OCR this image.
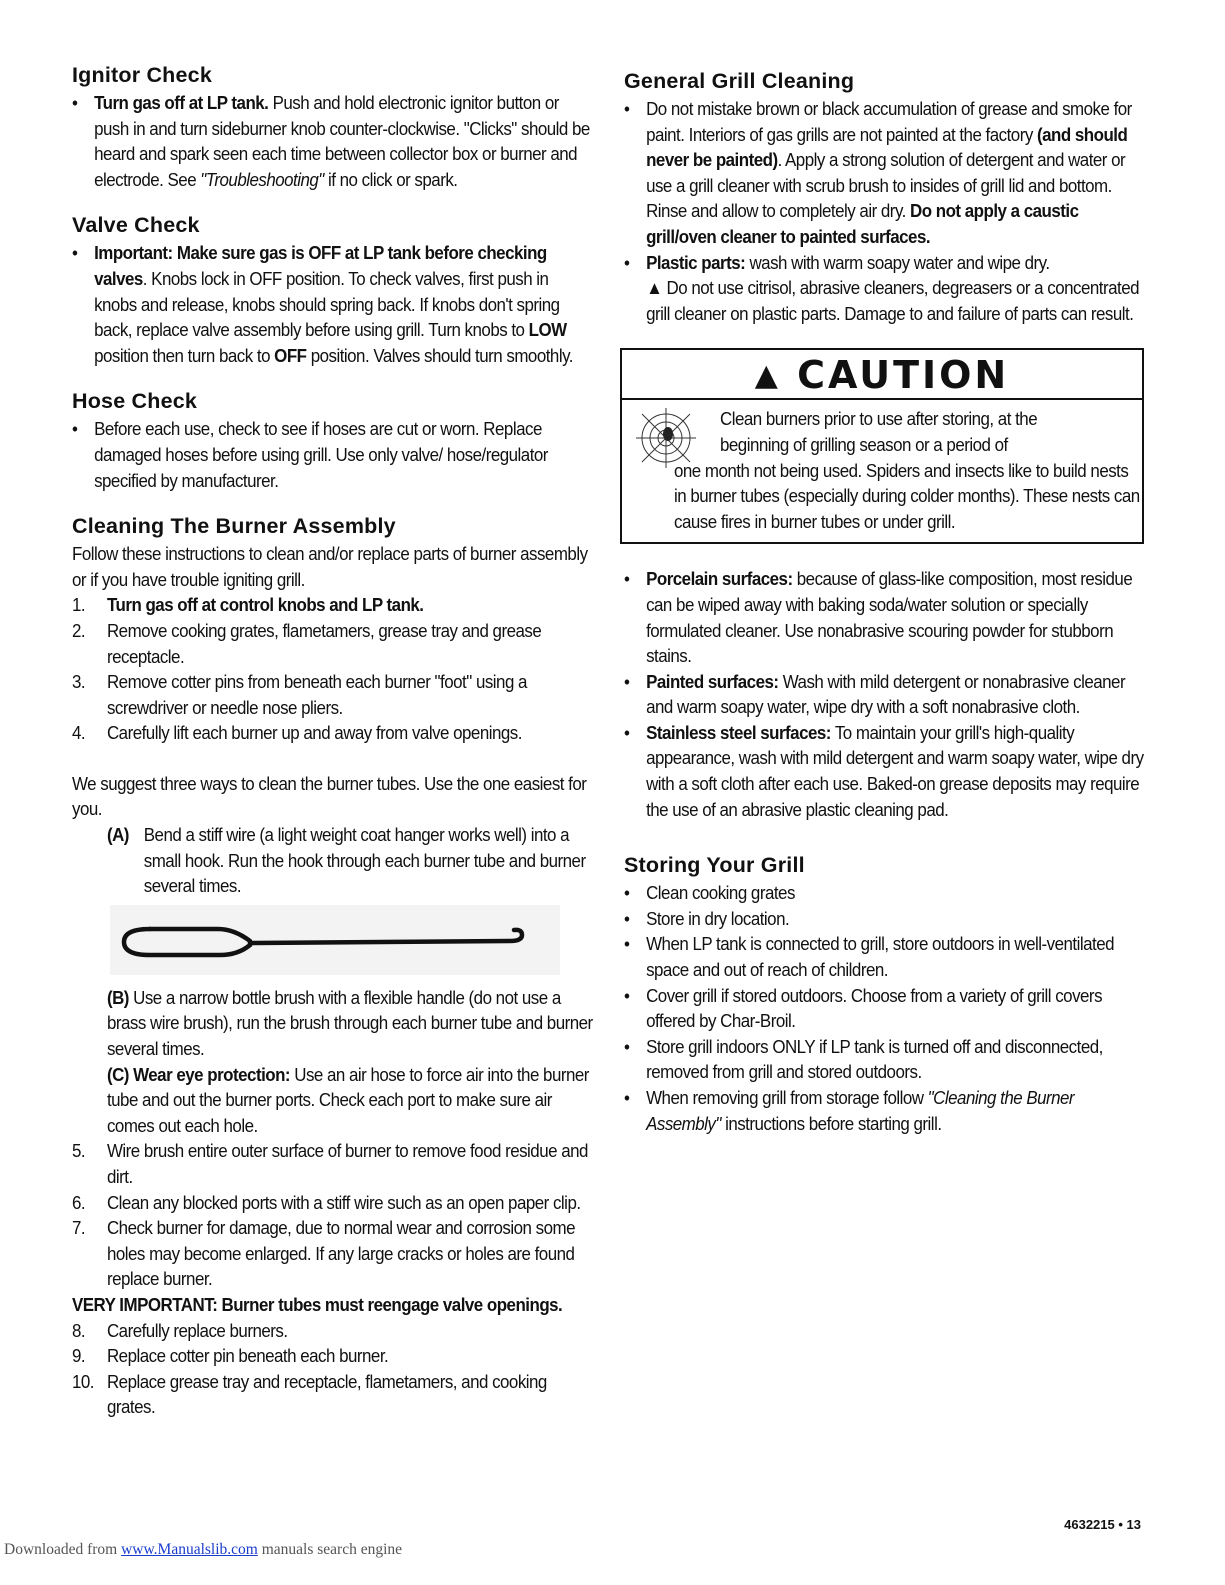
Ignitor Check
• Turn gas off at LP tank. Push and hold electronic ignitor button or push in and turn sideburner knob counter-clockwise. "Clicks" should be heard and spark seen each time between collector box or burner and electrode. See "Troubleshooting" if no click or spark.
Valve Check
• Important: Make sure gas is OFF at LP tank before checking valves. Knobs lock in OFF position. To check valves, first push in knobs and release, knobs should spring back. If knobs don't spring back, replace valve assembly before using grill. Turn knobs to LOW position then turn back to OFF position. Valves should turn smoothly.
Hose Check
• Before each use, check to see if hoses are cut or worn. Replace damaged hoses before using grill. Use only valve/ hose/regulator specified by manufacturer.
Cleaning The Burner Assembly
Follow these instructions to clean and/or replace parts of burner assembly or if you have trouble igniting grill.
1. Turn gas off at control knobs and LP tank.
2. Remove cooking grates, flametamers, grease tray and grease receptacle.
3. Remove cotter pins from beneath each burner "foot" using a screwdriver or needle nose pliers.
4. Carefully lift each burner up and away from valve openings.
We suggest three ways to clean the burner tubes. Use the one easiest for you.
(A) Bend a stiff wire (a light weight coat hanger works well) into a small hook. Run the hook through each burner tube and burner several times.
(B) Use a narrow bottle brush with a flexible handle (do not use a brass wire brush), run the brush through each burner tube and burner several times.
(C) Wear eye protection: Use an air hose to force air into the burner tube and out the burner ports. Check each port to make sure air comes out each hole.
5. Wire brush entire outer surface of burner to remove food residue and dirt.
6. Clean any blocked ports with a stiff wire such as an open paper clip.
7. Check burner for damage, due to normal wear and corrosion some holes may become enlarged. If any large cracks or holes are found replace burner.
VERY IMPORTANT: Burner tubes must reengage valve openings.
8. Carefully replace burners.
9. Replace cotter pin beneath each burner.
10. Replace grease tray and receptacle, flametamers, and cooking grates.
General Grill Cleaning
• Do not mistake brown or black accumulation of grease and smoke for paint. Interiors of gas grills are not painted at the factory (and should never be painted). Apply a strong solution of detergent and water or use a grill cleaner with scrub brush to insides of grill lid and bottom. Rinse and allow to completely air dry. Do not apply a caustic grill/oven cleaner to painted surfaces.
• Plastic parts: wash with warm soapy water and wipe dry.
▲ Do not use citrisol, abrasive cleaners, degreasers or a concentrated grill cleaner on plastic parts. Damage to and failure of parts can result.
▲ CAUTION
Clean burners prior to use after storing, at the
beginning of grilling season or a period of
one month not being used. Spiders and insects like to build nests in burner tubes (especially during colder months). These nests can cause fires in burner tubes or under grill.
• Porcelain surfaces: because of glass-like composition, most residue can be wiped away with baking soda/water solution or specially formulated cleaner. Use nonabrasive scouring powder for stubborn stains.
• Painted surfaces: Wash with mild detergent or nonabrasive cleaner and warm soapy water, wipe dry with a soft nonabrasive cloth.
• Stainless steel surfaces: To maintain your grill's high-quality appearance, wash with mild detergent and warm soapy water, wipe dry with a soft cloth after each use. Baked-on grease deposits may require the use of an abrasive plastic cleaning pad.
Storing Your Grill
• Clean cooking grates
• Store in dry location.
• When LP tank is connected to grill, store outdoors in well-ventilated space and out of reach of children.
• Cover grill if stored outdoors. Choose from a variety of grill covers offered by Char-Broil.
• Store grill indoors ONLY if LP tank is turned off and disconnected, removed from grill and stored outdoors.
• When removing grill from storage follow "Cleaning the Burner Assembly" instructions before starting grill.
4632215 • 13
Downloaded from www.Manualslib.com manuals search engine
